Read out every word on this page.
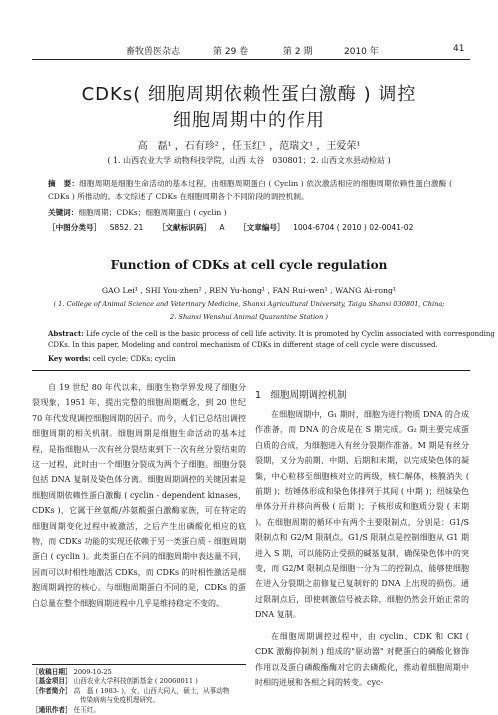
畜牧兽医杂志	第 29 卷	第 2 期	2010 年	41
CDKs( 细胞周期依赖性蛋白激酶 ) 调控
细胞周期中的作用
高　磊¹ ，石有珍² ，任玉红¹ ，范瑞文¹ ，王爱荣¹
( 1. 山西农业大学 动物科技学院，山西 太谷　030801；2. 山西文水县动检站 )
摘　要：细胞周期是细胞生命活动的基本过程，由细胞周期蛋白 ( Cyclin ) 依次激活相应的细胞周期依赖性蛋白激酶 ( CDKs ) 所推动的。本文综述了 CDKs 在细胞周期各个不同阶段的调控机制。
关键词：细胞周期；CDKs；细胞周期蛋白 ( cyclin )
［中图分类号］ S852. 21 ［文献标识码］ A ［文章编号］ 1004-6704 ( 2010 ) 02-0041-02
Function of CDKs at cell cycle regulation
GAO Lei¹ , SHI You-zhen² , REN Yu-hong¹ , FAN Rui-wen¹ , WANG Ai-rong¹
( 1. College of Animal Science and Veterinary Medicine, Shanxi Agricultural University, Taigu Shanxi 030801, China;
2. Shanxi Wenshui Animal Quarantine Station )
Abstract: Life cycle of the cell is the basic process of cell life activity. It is promoted by Cyclin associated with corresponding
CDKs. In this paper, Modeling and control mechanism of CDKs in different stage of cell cycle were discussed.
Key words: cell cycle; CDKs; cyclin

自 19 世纪 80 年代以来，细胞生物学界发现了细胞分裂现象，1951 年，提出完整的细胞周期概念，到 20 世纪 70 年代发现调控细胞周期的因子。而今，人们已总结出调控细胞周期的相关机制。细胞周期是细胞生命活动的基本过程，是指细胞从一次有丝分裂结束到下一次有丝分裂结束的这一过程，此时由一个细胞分裂成为两个子细胞。细胞分裂包括 DNA 复制及染色体分离。细胞周期调控的关键因素是细胞周期依赖性蛋白激酶 ( cyclin - dependent kinases，CDKs )，它属于丝氨酸/苏氨酸蛋白激酶家族，可在特定的细胞周期变化过程中被激活，之后产生出磷酸化相应的底物，而 CDKs 功能的实现还依赖于另一类蛋白质 - 细胞周期蛋白 ( cyclin )。此类蛋白在不同的细胞周期中表达量不同，因而可以时相性地激活 CDKs，而 CDKs 的时相性激活是细胞周期调控的核心。与细胞周期蛋白不同的是，CDKs 的蛋白总量在整个细胞周期进程中几乎是维持稳定不变的。

［收稿日期］ 2009-10-25
［基金项目］ 山西农业大学科技创新基金 ( 20060011 )
［作者简介］ 高　磊 ( 1983- )，女，山西大同人，硕士，从事动物
传染病病与免疫机理研究。
［通讯作者］ 任玉红。
1　细胞周期调控机制

在细胞周期中，G₁ 期时，细胞为进行物质 DNA 的合成作准备，而 DNA 的合成是在 S 期完成。G₂ 期主要完成蛋白质的合成，为细胞进入有丝分裂期作准备。M 期是有丝分裂期，又分为前期、中期、后期和末期，以完成染色体的凝集，中心粒移至细胞核对立的两级，核仁解体，核膜消失 ( 前期 )；纺锤体形成和染色体排列于其间 ( 中期 )；纽妹染色单体分开并移向两极 ( 后期 )；子核形成和胞质分裂 ( 末期 )。在细胞周期的循环中有两个主要限制点，分别是：G1/S 限制点和 G2/M 限制点。G1/S 限制点是控制细胞从 G1 期进入 S 期，可以能防止受损的碱基复制，确保染色体中的突变，而 G2/M 限制点是细胞一分为二的控制点，能够使细胞在进入分裂期之前修复已复制好的 DNA 上出现的损伤。通过限制点后，即使刺激信号被去除，细胞仍然会开始正常的 DNA 复制。

在细胞周期调控过程中，由 cyclin、CDK 和 CKI ( CDK 激酶抑制剂 ) 组成的"驱动器" 对靶蛋白的磷酸化修饰作用以及蛋白磷酸酯酶对它的去磷酸化，推动着细胞周期中时相的进展和各相之间的转变。cyc-
